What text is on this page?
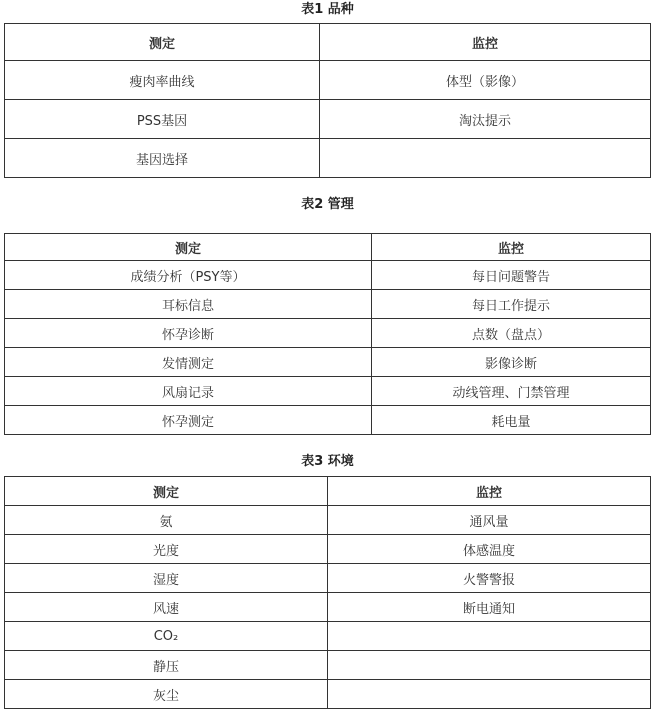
表1 品种
测定	监控
瘦肉率曲线	体型（影像）
PSS基因	淘汰提示
基因选择	
表2 管理
测定	监控
成绩分析（PSY等）	每日问题警告
耳标信息	每日工作提示
怀孕诊断	点数（盘点）
发情测定	影像诊断
风扇记录	动线管理、门禁管理
怀孕测定	耗电量
表3 环境
测定	监控
氨	通风量
光度	体感温度
湿度	火警警报
风速	断电通知
CO₂	
静压	
灰尘	
